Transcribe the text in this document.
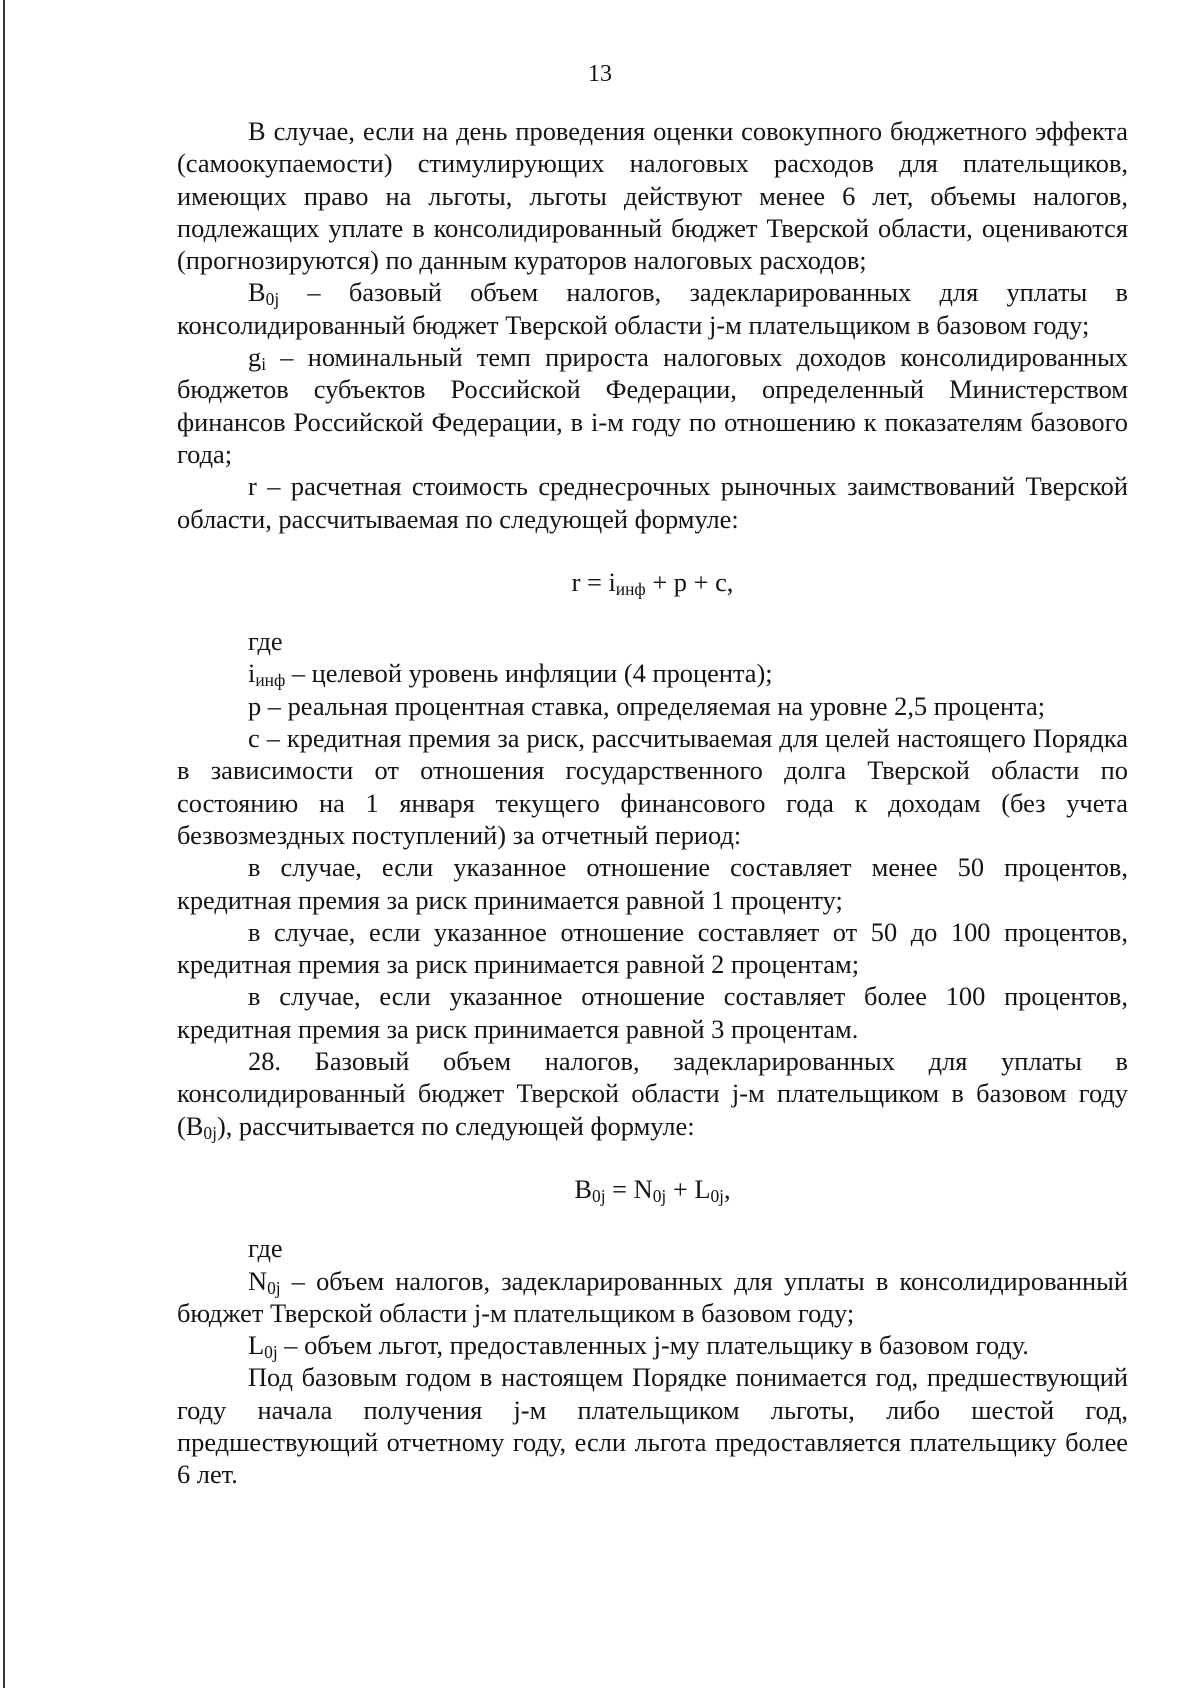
13

В случае, если на день проведения оценки совокупного бюджетного эффекта (самоокупаемости) стимулирующих налоговых расходов для плательщиков, имеющих право на льготы, льготы действуют менее 6 лет, объемы налогов, подлежащих уплате в консолидированный бюджет Тверской области, оцениваются (прогнозируются) по данным кураторов налоговых расходов;

$B_{0j}$ – базовый объем налогов, задекларированных для уплаты в консолидированный бюджет Тверской области j-м плательщиком в базовом году;

$g_i$ – номинальный темп прироста налоговых доходов консолидированных бюджетов субъектов Российской Федерации, определенный Министерством финансов Российской Федерации, в i-м году по отношению к показателям базового года;

r – расчетная стоимость среднесрочных рыночных заимствований Тверской области, рассчитываемая по следующей формуле:

$r = i_{инф} + p + c$,

где

$i_{инф}$ – целевой уровень инфляции (4 процента);

p – реальная процентная ставка, определяемая на уровне 2,5 процента;

c – кредитная премия за риск, рассчитываемая для целей настоящего Порядка в зависимости от отношения государственного долга Тверской области по состоянию на 1 января текущего финансового года к доходам (без учета безвозмездных поступлений) за отчетный период:

в случае, если указанное отношение составляет менее 50 процентов, кредитная премия за риск принимается равной 1 проценту;

в случае, если указанное отношение составляет от 50 до 100 процентов, кредитная премия за риск принимается равной 2 процентам;

в случае, если указанное отношение составляет более 100 процентов, кредитная премия за риск принимается равной 3 процентам.

28. Базовый объем налогов, задекларированных для уплаты в консолидированный бюджет Тверской области j-м плательщиком в базовом году $(B_{0j})$, рассчитывается по следующей формуле:

$B_{0j} = N_{0j} + L_{0j}$,

где

$N_{0j}$ – объем налогов, задекларированных для уплаты в консолидированный бюджет Тверской области j-м плательщиком в базовом году;

$L_{0j}$ – объем льгот, предоставленных j-му плательщику в базовом году.

Под базовым годом в настоящем Порядке понимается год, предшествующий году начала получения j-м плательщиком льготы, либо шестой год, предшествующий отчетному году, если льгота предоставляется плательщику более 6 лет.
